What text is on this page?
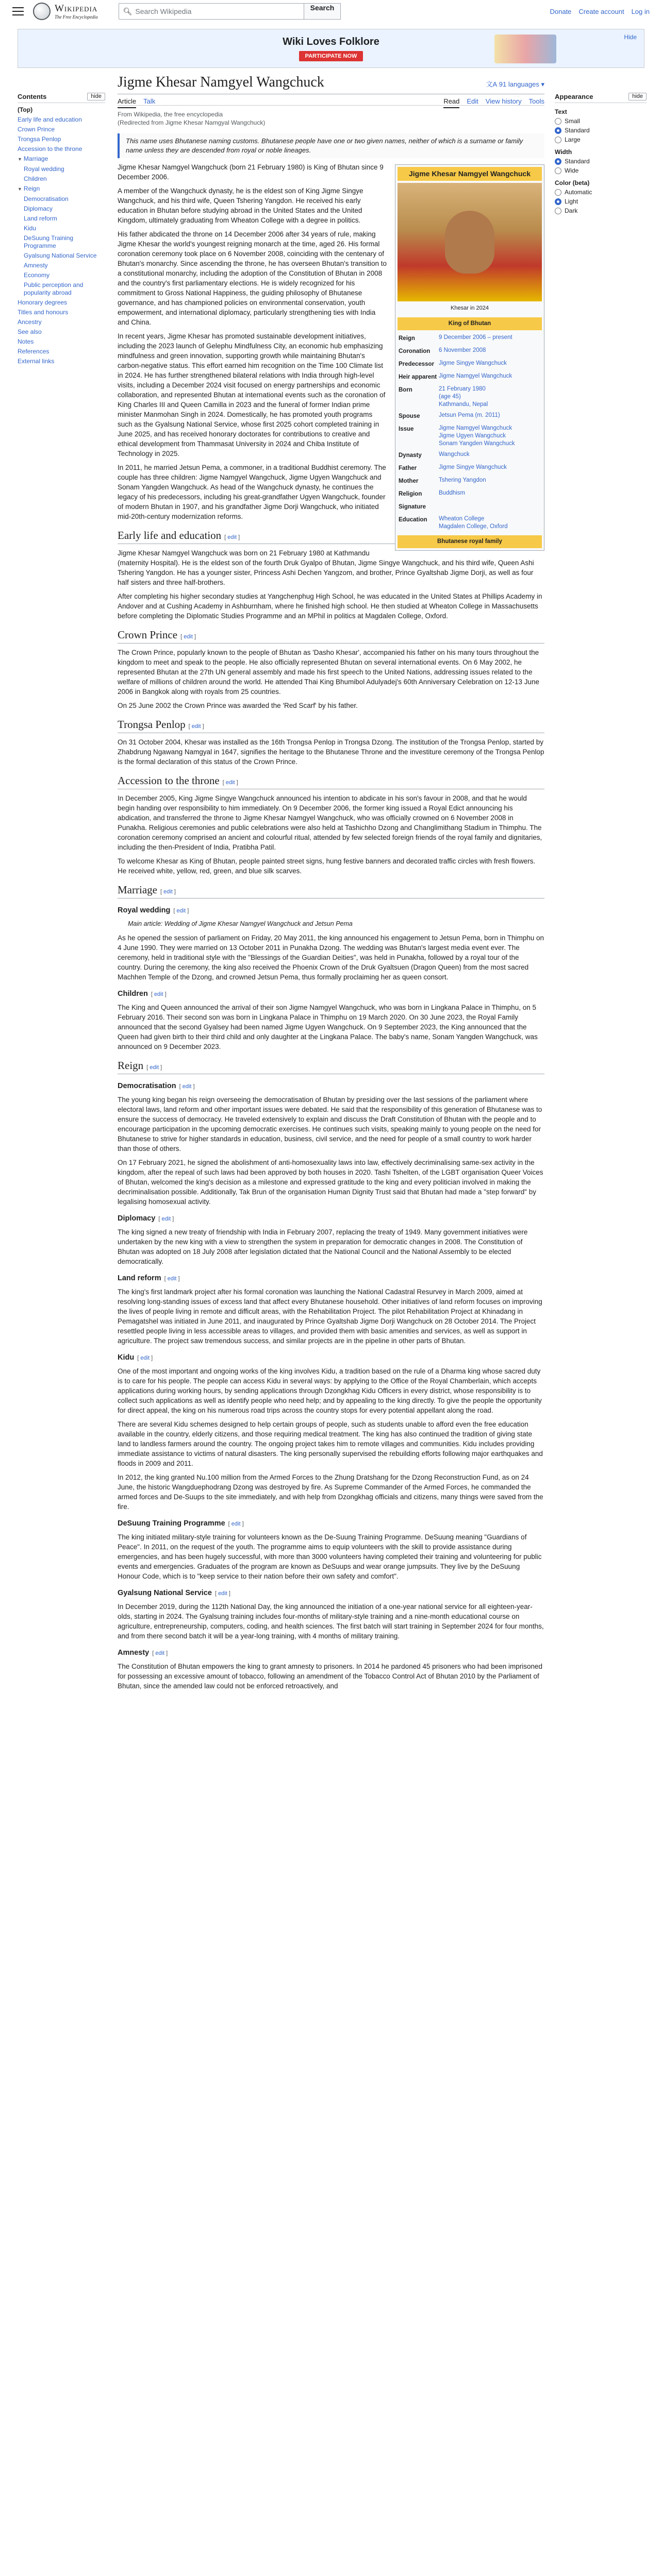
Wikipedia
The Free Encyclopedia
🔍︎ Search Wikipedia	Search	Donate Create account Log in
Wiki Loves Folklore
PARTICIPATE NOW
Hide
Contents	hide
(Top)
Early life and education
Crown Prince
Trongsa Penlop
Accession to the throne
▼ Marriage
Royal wedding
Children
▼ Reign
Democratisation
Diplomacy
Land reform
Kidu
DeSuung Training Programme
Gyalsung National Service
Amnesty
Economy
Public perception and popularity abroad
Honorary degrees
Titles and honours
Ancestry
See also
Notes
References
External links
Jigme Khesar Namgyel Wangchuck	文A 91 languages ▾
Article Talk	Read Edit View history Tools
From Wikipedia, the free encyclopedia
(Redirected from Jigme Khesar Namgyal Wangchuck)
This name uses Bhutanese naming customs. Bhutanese people have one or two given names, neither of which is a surname or family name unless they are descended from royal or noble lineages.
Jigme Khesar Namgyel Wangchuck
Khesar in 2024
King of Bhutan
Reign	9 December 2006 – present
Coronation	6 November 2008
Predecessor Jigme Singye Wangchuck
Heir apparent Jigme Namgyel Wangchuck
Born	21 February 1980
(age 45)
Kathmandu, Nepal
Spouse	Jetsun Pema (m. 2011)
Issue	Jigme Namgyel Wangchuck
Jigme Ugyen Wangchuck
Sonam Yangden Wangchuck
Dynasty	Wangchuck
Father	Jigme Singye Wangchuck
Mother	Tshering Yangdon
Religion	Buddhism
Signature
Education	Wheaton College
Magdalen College, Oxford
Bhutanese royal family

Jigme Khesar Namgyel Wangchuck (born 21 February 1980) is King of Bhutan since 9 December 2006.

A member of the Wangchuck dynasty, he is the eldest son of King Jigme Singye Wangchuck, and his third wife, Queen Tshering Yangdon. He received his early education in Bhutan before studying abroad in the United States and the United Kingdom, ultimately graduating from Wheaton College with a degree in politics.

His father abdicated the throne on 14 December 2006 after 34 years of rule, making Jigme Khesar the world's youngest reigning monarch at the time, aged 26. His formal coronation ceremony took place on 6 November 2008, coinciding with the centenary of Bhutan's monarchy. Since ascending the throne, he has overseen Bhutan's transition to a constitutional monarchy, including the adoption of the Constitution of Bhutan in 2008 and the country's first parliamentary elections. He is widely recognized for his commitment to Gross National Happiness, the guiding philosophy of Bhutanese governance, and has championed policies on environmental conservation, youth empowerment, and international diplomacy, particularly strengthening ties with India and China.

In recent years, Jigme Khesar has promoted sustainable development initiatives, including the 2023 launch of Gelephu Mindfulness City, an economic hub emphasizing mindfulness and green innovation, supporting growth while maintaining Bhutan's carbon-negative status. This effort earned him recognition on the Time 100 Climate list in 2024. He has further strengthened bilateral relations with India through high-level visits, including a December 2024 visit focused on energy partnerships and economic collaboration, and represented Bhutan at international events such as the coronation of King Charles III and Queen Camilla in 2023 and the funeral of former Indian prime minister Manmohan Singh in 2024. Domestically, he has promoted youth programs such as the Gyalsung National Service, whose first 2025 cohort completed training in June 2025, and has received honorary doctorates for contributions to creative and ethical development from Thammasat University in 2024 and Chiba Institute of Technology in 2025.

In 2011, he married Jetsun Pema, a commoner, in a traditional Buddhist ceremony. The couple has three children: Jigme Namgyel Wangchuck, Jigme Ugyen Wangchuck and Sonam Yangden Wangchuck. As head of the Wangchuck dynasty, he continues the legacy of his predecessors, including his great-grandfather Ugyen Wangchuck, founder of modern Bhutan in 1907, and his grandfather Jigme Dorji Wangchuck, who initiated mid-20th-century modernization reforms.

Early life and education [ edit ]

Jigme Khesar Namgyel Wangchuck was born on 21 February 1980 at Kathmandu (maternity Hospital). He is the eldest son of the fourth Druk Gyalpo of Bhutan, Jigme Singye Wangchuck, and his third wife, Queen Ashi Tshering Yangdon. He has a younger sister, Princess Ashi Dechen Yangzom, and brother, Prince Gyaltshab Jigme Dorji, as well as four half sisters and three half-brothers.

After completing his higher secondary studies at Yangchenphug High School, he was educated in the United States at Phillips Academy in Andover and at Cushing Academy in Ashburnham, where he finished high school. He then studied at Wheaton College in Massachusetts before completing the Diplomatic Studies Programme and an MPhil in politics at Magdalen College, Oxford.

Crown Prince [ edit ]

The Crown Prince, popularly known to the people of Bhutan as 'Dasho Khesar', accompanied his father on his many tours throughout the kingdom to meet and speak to the people. He also officially represented Bhutan on several international events. On 6 May 2002, he represented Bhutan at the 27th UN general assembly and made his first speech to the United Nations, addressing issues related to the welfare of millions of children around the world. He attended Thai King Bhumibol Adulyadej's 60th Anniversary Celebration on 12-13 June 2006 in Bangkok along with royals from 25 countries.

On 25 June 2002 the Crown Prince was awarded the 'Red Scarf' by his father.

Trongsa Penlop [ edit ]

On 31 October 2004, Khesar was installed as the 16th Trongsa Penlop in Trongsa Dzong. The institution of the Trongsa Penlop, started by Zhabdrung Ngawang Namgyal in 1647, signifies the heritage to the Bhutanese Throne and the investiture ceremony of the Trongsa Penlop is the formal declaration of this status of the Crown Prince.

Accession to the throne [ edit ]

In December 2005, King Jigme Singye Wangchuck announced his intention to abdicate in his son's favour in 2008, and that he would begin handing over responsibility to him immediately. On 9 December 2006, the former king issued a Royal Edict announcing his abdication, and transferred the throne to Jigme Khesar Namgyel Wangchuck, who was officially crowned on 6 November 2008 in Punakha. Religious ceremonies and public celebrations were also held at Tashichho Dzong and Changlimithang Stadium in Thimphu. The coronation ceremony comprised an ancient and colourful ritual, attended by few selected foreign friends of the royal family and dignitaries, including the then-President of India, Pratibha Patil.

To welcome Khesar as King of Bhutan, people painted street signs, hung festive banners and decorated traffic circles with fresh flowers. He received white, yellow, red, green, and blue silk scarves.

Marriage [ edit ]
Royal wedding [ edit ]
Main article: Wedding of Jigme Khesar Namgyel Wangchuck and Jetsun Pema

As he opened the session of parliament on Friday, 20 May 2011, the king announced his engagement to Jetsun Pema, born in Thimphu on 4 June 1990. They were married on 13 October 2011 in Punakha Dzong. The wedding was Bhutan's largest media event ever. The ceremony, held in traditional style with the "Blessings of the Guardian Deities", was held in Punakha, followed by a royal tour of the country. During the ceremony, the king also received the Phoenix Crown of the Druk Gyaltsuen (Dragon Queen) from the most sacred Machhen Temple of the Dzong, and crowned Jetsun Pema, thus formally proclaiming her as queen consort.

Children [ edit ]

The King and Queen announced the arrival of their son Jigme Namgyel Wangchuck, who was born in Lingkana Palace in Thimphu, on 5 February 2016. Their second son was born in Lingkana Palace in Thimphu on 19 March 2020. On 30 June 2023, the Royal Family announced that the second Gyalsey had been named Jigme Ugyen Wangchuck. On 9 September 2023, the King announced that the Queen had given birth to their third child and only daughter at the Lingkana Palace. The baby's name, Sonam Yangden Wangchuck, was announced on 9 December 2023.

Reign [ edit ]
Democratisation [ edit ]

The young king began his reign overseeing the democratisation of Bhutan by presiding over the last sessions of the parliament where electoral laws, land reform and other important issues were debated. He said that the responsibility of this generation of Bhutanese was to ensure the success of democracy. He traveled extensively to explain and discuss the Draft Constitution of Bhutan with the people and to encourage participation in the upcoming democratic exercises. He continues such visits, speaking mainly to young people on the need for Bhutanese to strive for higher standards in education, business, civil service, and the need for people of a small country to work harder than those of others.

On 17 February 2021, he signed the abolishment of anti-homosexuality laws into law, effectively decriminalising same-sex activity in the kingdom, after the repeal of such laws had been approved by both houses in 2020. Tashi Tshelten, of the LGBT organisation Queer Voices of Bhutan, welcomed the king's decision as a milestone and expressed gratitude to the king and every politician involved in making the decriminalisation possible. Additionally, Tak Brun of the organisation Human Dignity Trust said that Bhutan had made a "step forward" by legalising homosexual activity.

Diplomacy [ edit ]

The king signed a new treaty of friendship with India in February 2007, replacing the treaty of 1949. Many government initiatives were undertaken by the new king with a view to strengthen the system in preparation for democratic changes in 2008. The Constitution of Bhutan was adopted on 18 July 2008 after legislation dictated that the National Council and the National Assembly to be elected democratically.

Land reform [ edit ]

The king's first landmark project after his formal coronation was launching the National Cadastral Resurvey in March 2009, aimed at resolving long-standing issues of excess land that affect every Bhutanese household. Other initiatives of land reform focuses on improving the lives of people living in remote and difficult areas, with the Rehabilitation Project. The pilot Rehabilitation Project at Khinadang in Pemagatshel was initiated in June 2011, and inaugurated by Prince Gyaltshab Jigme Dorji Wangchuck on 28 October 2014. The Project resettled people living in less accessible areas to villages, and provided them with basic amenities and services, as well as support in agriculture. The project saw tremendous success, and similar projects are in the pipeline in other parts of Bhutan.

Kidu [ edit ]

One of the most important and ongoing works of the king involves Kidu, a tradition based on the rule of a Dharma king whose sacred duty is to care for his people. The people can access Kidu in several ways: by applying to the Office of the Royal Chamberlain, which accepts applications during working hours, by sending applications through Dzongkhag Kidu Officers in every district, whose responsibility is to collect such applications as well as identify people who need help; and by appealing to the king directly. To give the people the opportunity for direct appeal, the king on his numerous road trips across the country stops for every potential appellant along the road.

There are several Kidu schemes designed to help certain groups of people, such as students unable to afford even the free education available in the country, elderly citizens, and those requiring medical treatment. The king has also continued the tradition of giving state land to landless farmers around the country. The ongoing project takes him to remote villages and communities. Kidu includes providing immediate assistance to victims of natural disasters. The king personally supervised the rebuilding efforts following major earthquakes and floods in 2009 and 2011.

In 2012, the king granted Nu.100 million from the Armed Forces to the Zhung Dratshang for the Dzong Reconstruction Fund, as on 24 June, the historic Wangduephodrang Dzong was destroyed by fire. As Supreme Commander of the Armed Forces, he commanded the armed forces and De-Suups to the site immediately, and with help from Dzongkhag officials and citizens, many things were saved from the fire.

DeSuung Training Programme [ edit ]

The king initiated military-style training for volunteers known as the De-Suung Training Programme. DeSuung meaning "Guardians of Peace". In 2011, on the request of the youth. The programme aims to equip volunteers with the skill to provide assistance during emergencies, and has been hugely successful, with more than 3000 volunteers having completed their training and volunteering for public events and emergencies. Graduates of the program are known as DeSuups and wear orange jumpsuits. They live by the DeSuung Honour Code, which is to "keep service to their nation before their own safety and comfort".

Gyalsung National Service [ edit ]

In December 2019, during the 112th National Day, the king announced the initiation of a one-year national service for all eighteen-year-olds, starting in 2024. The Gyalsung training includes four-months of military-style training and a nine-month educational course on agriculture, entrepreneurship, computers, coding, and health sciences. The first batch will start training in September 2024 for four months, and from there second batch it will be a year-long training, with 4 months of military training.

Amnesty [ edit ]

The Constitution of Bhutan empowers the king to grant amnesty to prisoners. In 2014 he pardoned 45 prisoners who had been imprisoned for possessing an excessive amount of tobacco, following an amendment of the Tobacco Control Act of Bhutan 2010 by the Parliament of Bhutan, since the amended law could not be enforced retroactively, and

Appearance	hide
Text
Small
Standard
Large
Width
Standard
Wide
Color (beta)
Automatic
Light
Dark
